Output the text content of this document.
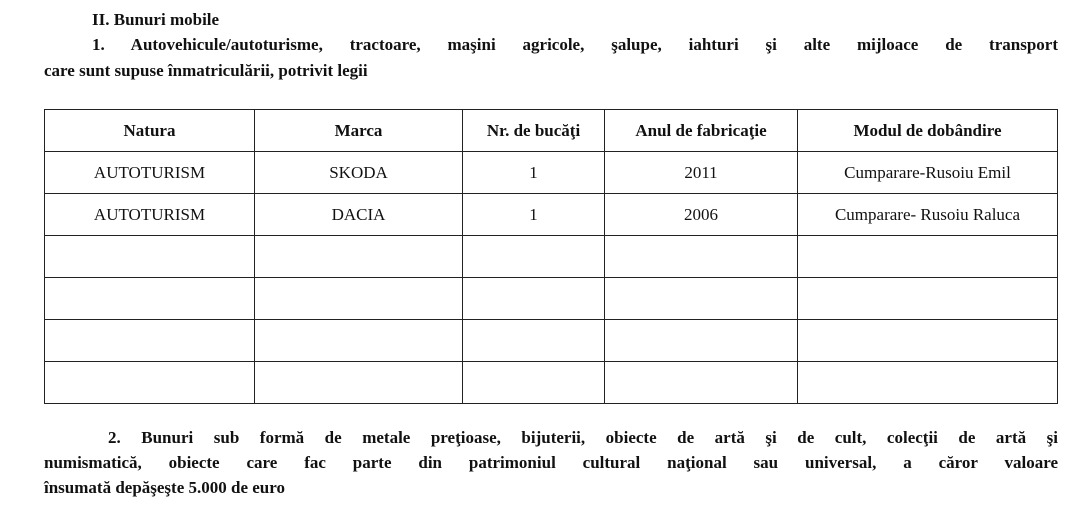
II. Bunuri mobile
1. Autovehicule/autoturisme, tractoare, maşini agricole, şalupe, iahturi şi alte mijloace de transport
care sunt supuse înmatriculării, potrivit legii
Natura	Marca	Nr. de bucăţi	Anul de fabricaţie	Modul de dobândire
AUTOTURISM	SKODA	1	2011	Cumparare-Rusoiu Emil
AUTOTURISM	DACIA	1	2006	Cumparare- Rusoiu Raluca

2. Bunuri sub formă de metale preţioase, bijuterii, obiecte de artă şi de cult, colecţii de artă şi
numismatică, obiecte care fac parte din patrimoniul cultural naţional sau universal, a căror valoare
însumată depăşeşte 5.000 de euro
